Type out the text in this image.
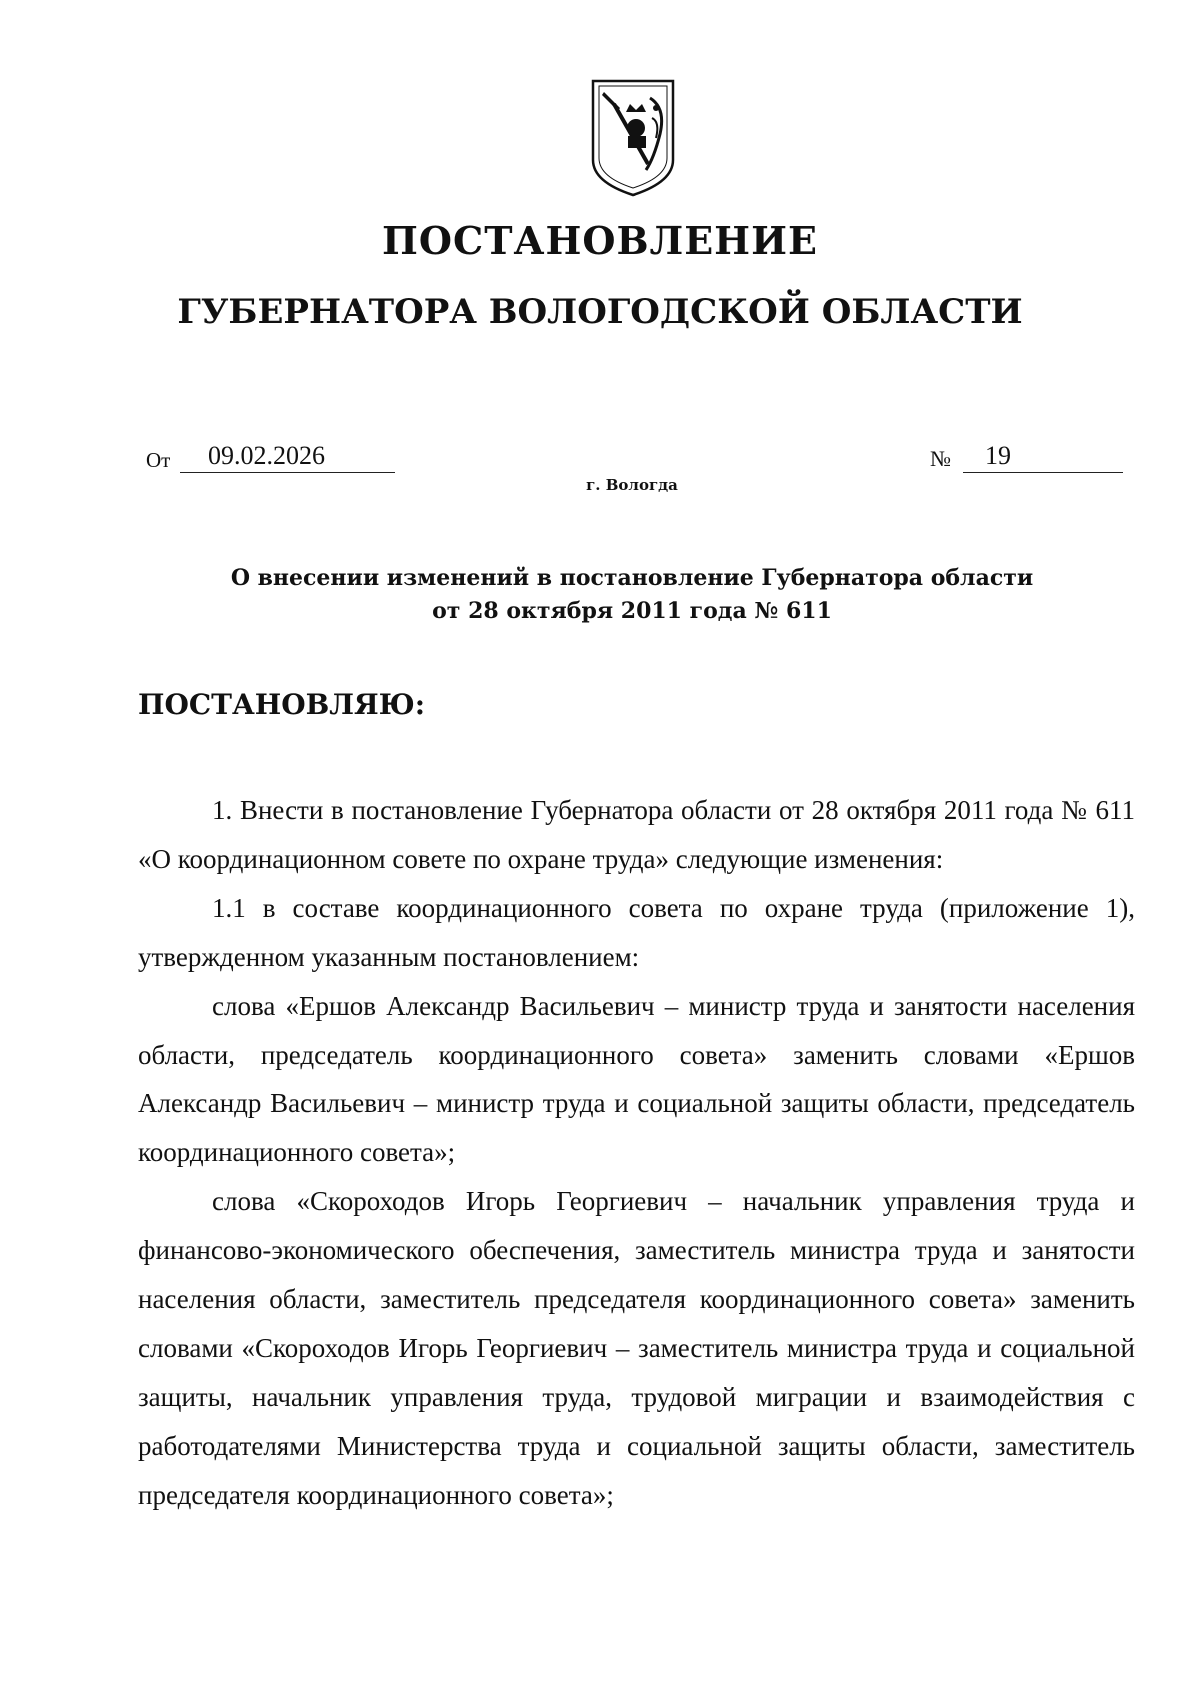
ПОСТАНОВЛЕНИЕ
ГУБЕРНАТОРА ВОЛОГОДСКОЙ ОБЛАСТИ
От	09.02.2026	№	19
г. Вологда
О внесении изменений в постановление Губернатора области
от 28 октября 2011 года № 611
ПОСТАНОВЛЯЮ:

1. Внести в постановление Губернатора области от 28 октября 2011 года № 611 «О координационном совете по охране труда» следующие изменения:

1.1 в составе координационного совета по охране труда (приложение 1), утвержденном указанным постановлением:

слова «Ершов Александр Васильевич – министр труда и занятости населения области, председатель координационного совета» заменить словами «Ершов Александр Васильевич – министр труда и социальной защиты области, председатель координационного совета»;

слова «Скороходов Игорь Георгиевич – начальник управления труда и финансово-экономического обеспечения, заместитель министра труда и занятости населения области, заместитель председателя координационного совета» заменить словами «Скороходов Игорь Георгиевич – заместитель министра труда и социальной защиты, начальник управления труда, трудовой миграции и взаимодействия с работодателями Министерства труда и социальной защиты области, заместитель председателя координационного совета»;
